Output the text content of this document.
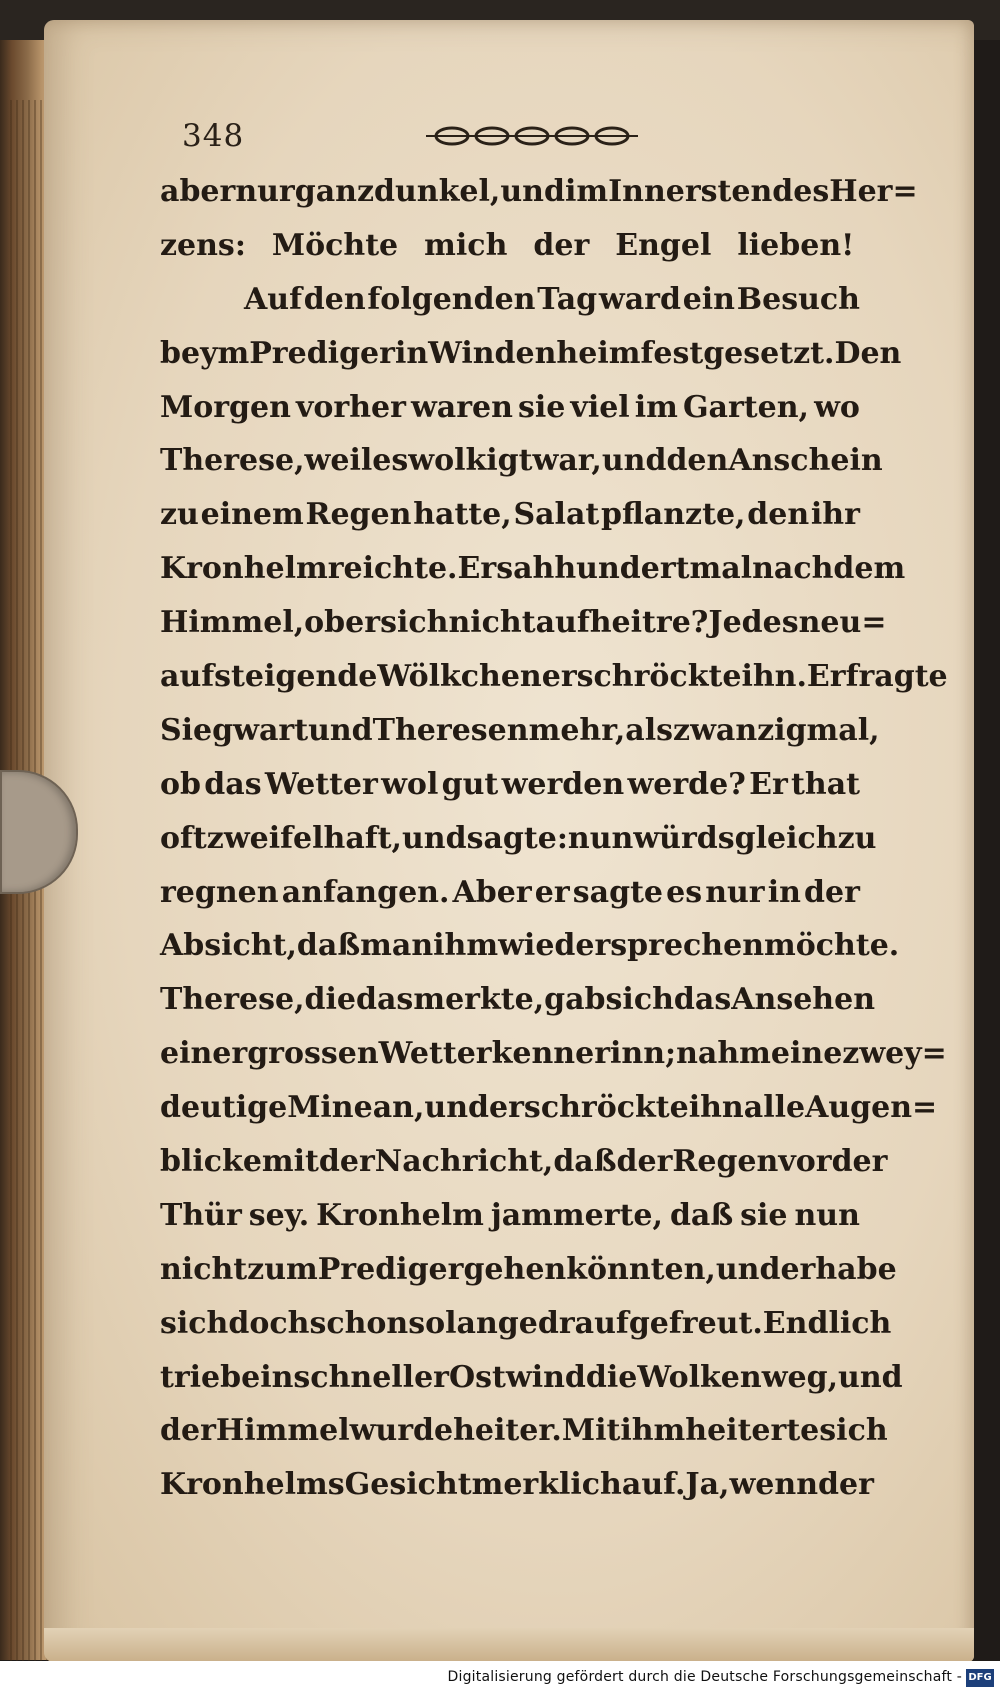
348
aber nur ganz dunkel, und im Innersten des Her=
zens: Möchte mich der Engel lieben!
Auf den folgenden Tag ward ein Besuch
beym Prediger in Windenheim festgesetzt. Den
Morgen vorher waren sie viel im Garten, wo
Therese, weil es wolkigt war, und den Anschein
zu einem Regen hatte, Salat pflanzte, den ihr
Kronhelm reichte. Er sah hundertmal nach dem
Himmel, ob er sich nicht aufheitre? Jedes neu=
aufsteigende Wölkchen erschröckte ihn. Er fragte
Siegwart und Theresen mehr, als zwanzigmal,
ob das Wetter wol gut werden werde? Er that
oft zweifelhaft, und sagte: nun würds gleich zu
regnen anfangen. Aber er sagte es nur in der
Absicht, daß man ihm wiedersprechen möchte.
Therese, die das merkte, gab sich das Ansehen
einer grossen Wetterkennerinn; nahm eine zwey=
deutige Mine an, und erschröckte ihn alle Augen=
blicke mit der Nachricht, daß der Regen vor der
Thür sey. Kronhelm jammerte, daß sie nun
nicht zum Prediger gehen könnten, und er habe
sich doch schon so lange drauf gefreut. Endlich
trieb ein schneller Ostwind die Wolken weg, und
der Himmel wurde heiter. Mit ihm heiterte sich
Kronhelms Gesicht merklich auf. Ja, wenn der
Digitalisierung gefördert durch die Deutsche Forschungsgemeinschaft - DFG
